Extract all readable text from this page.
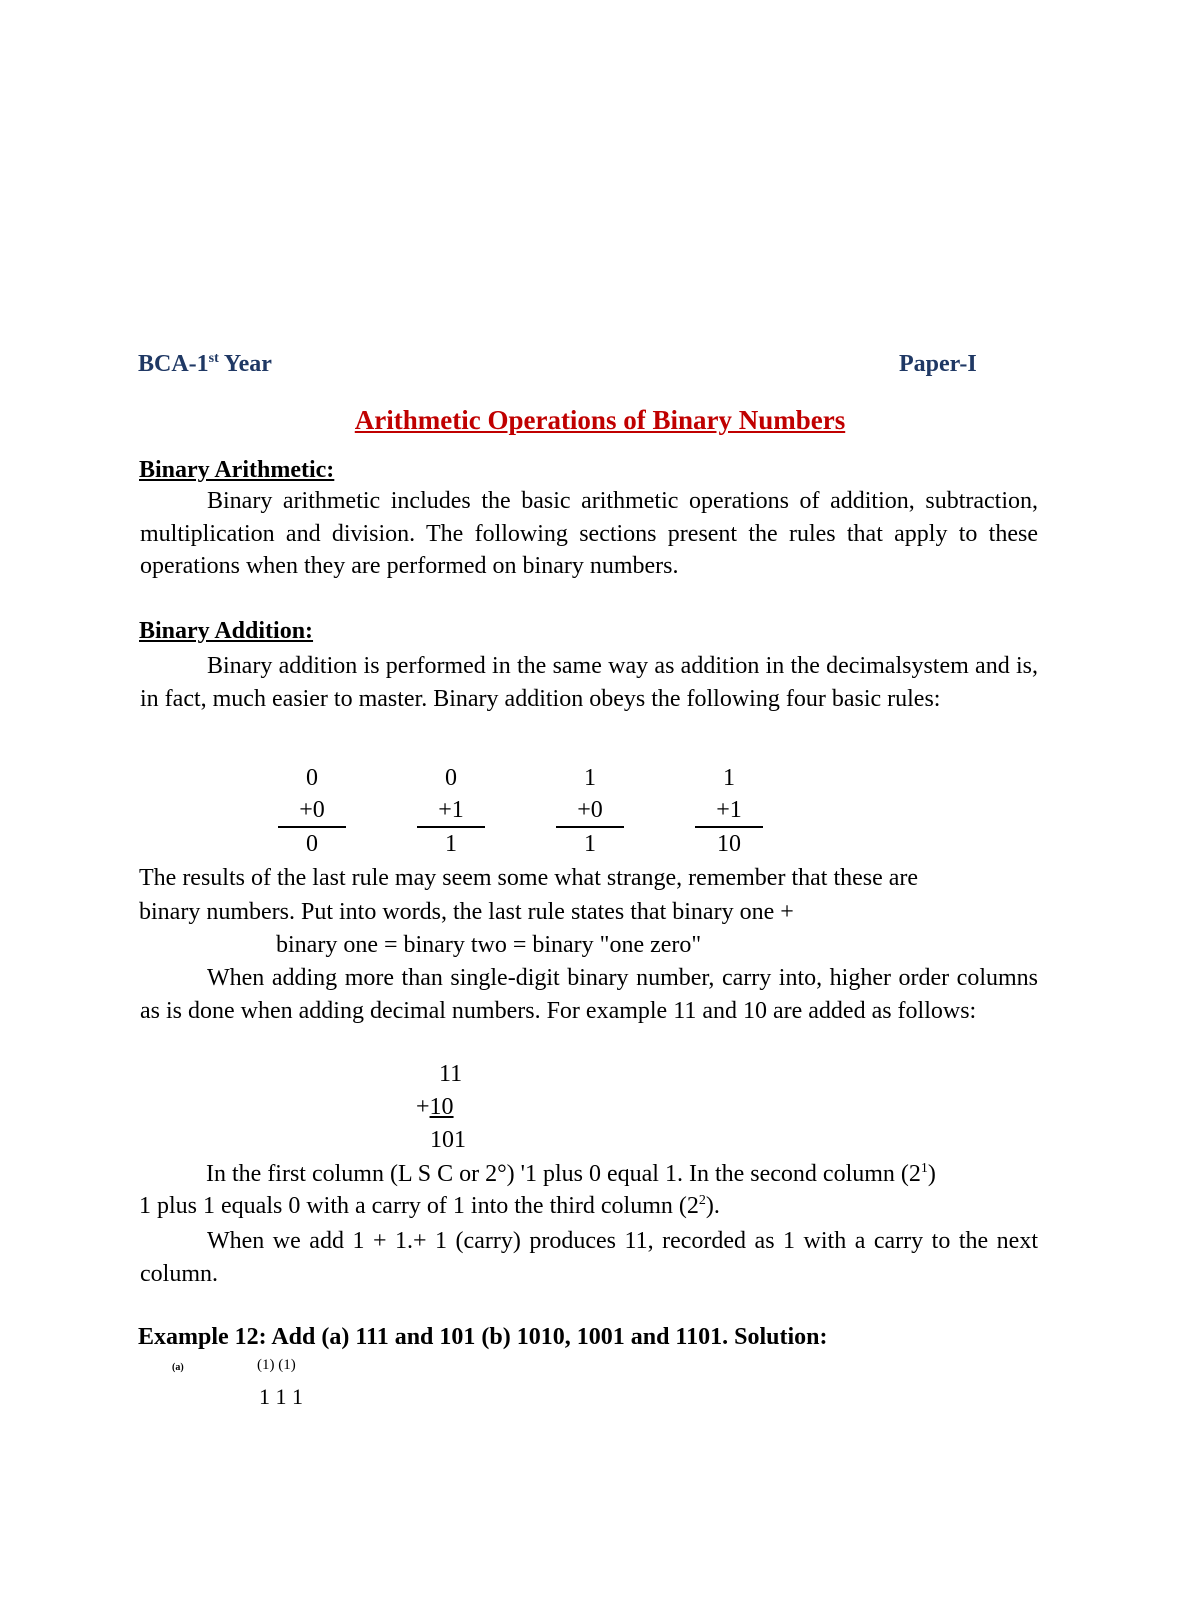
BCA-1st Year	Paper-I
Arithmetic Operations of Binary Numbers
Binary Arithmetic:

Binary arithmetic includes the basic arithmetic operations of addition, subtraction, multiplication and division. The following sections present the rules that apply to these operations when they are performed on binary numbers.

Binary Addition:

Binary addition is performed in the same way as addition in the decimalsystem and is, in fact, much easier to master. Binary addition obeys the following four basic rules:

0
+0
0
0
+1
1
1
+0
1
1
+1
10
The results of the last rule may seem some what strange, remember that these are
binary numbers. Put into words, the last rule states that binary one +
binary one = binary two = binary "one zero"

When adding more than single-digit binary number, carry into, higher order columns as is done when adding decimal numbers. For example 11 and 10 are added as follows:

11
+10
101
In the first column (L S C or 2°) '1 plus 0 equal 1. In the second column $(2^1)$
1 plus 1 equals 0 with a carry of 1 into the third column $(2^2)$.

When we add 1 + 1.+ 1 (carry) produces 11, recorded as 1 with a carry to the next column.

Example 12: Add (a) 111 and 101 (b) 1010, 1001 and 1101. Solution:
(a)	(1) (1)
1 1 1
